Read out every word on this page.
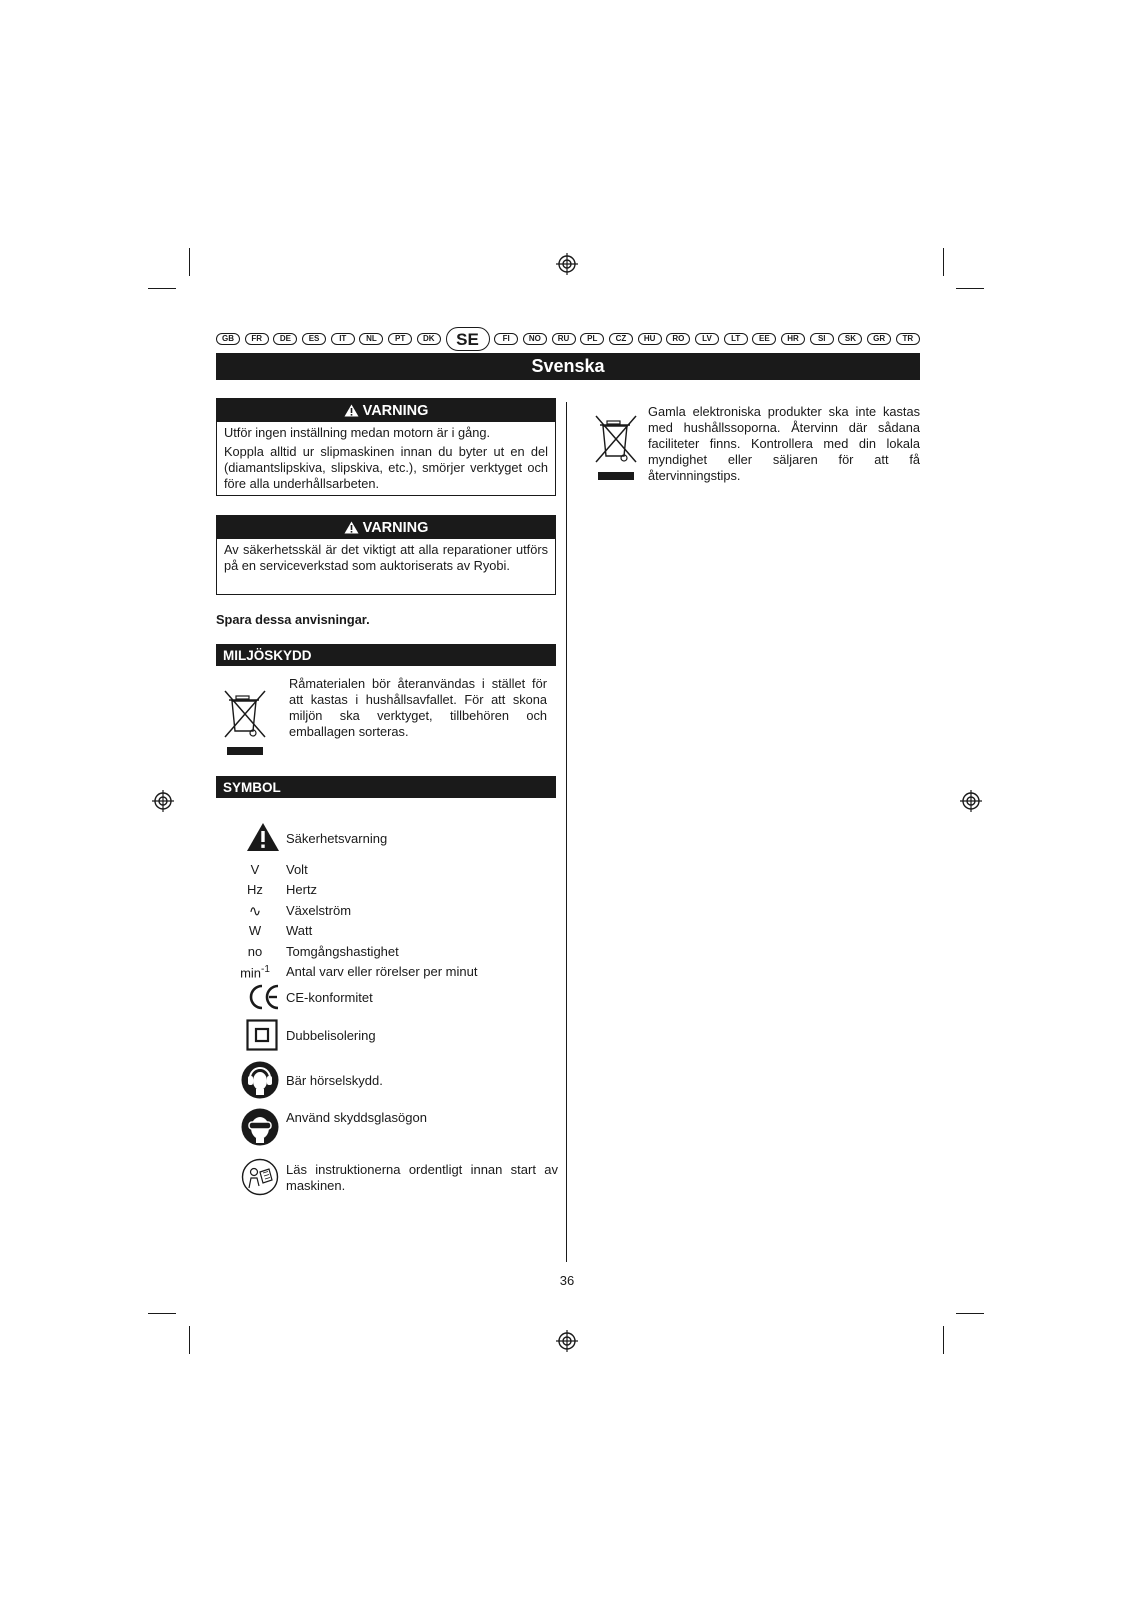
GB	FR	DE	ES	IT	NL	PT	DK	SE	FI	NO	RU	PL	CZ	HU	RO	LV	LT	EE	HR	SI	SK	GR	TR
Svenska
VARNING

Utför ingen inställning medan motorn är i gång.

Koppla alltid ur slipmaskinen innan du byter ut en del (diamantslipskiva, slipskiva, etc.), smörjer verktyget och före alla underhållsarbeten.

VARNING

Av säkerhetsskäl är det viktigt att alla reparationer utförs på en serviceverkstad som auktoriserats av Ryobi.

Spara dessa anvisningar.
MILJÖSKYDD
Råmaterialen bör återanvändas i stället för att kastas i hushållsavfallet. För att skona miljön ska verktyget, tillbehören och emballagen sorteras.
SYMBOL
Säkerhetsvarning
V	Volt
Hz	Hertz
∿	Växelström
W	Watt
no	Tomgångshastighet
$\min^{-1}$	Antal varv eller rörelser per minut
CE-konformitet
Dubbelisolering
Bär hörselskydd.
Använd skyddsglasögon
Läs instruktionerna ordentligt innan start av maskinen.
Gamla elektroniska produkter ska inte kastas med hushållssoporna. Återvinn där sådana faciliteter finns. Kontrollera med din lokala myndighet eller säljaren för att få återvinningstips.
36
